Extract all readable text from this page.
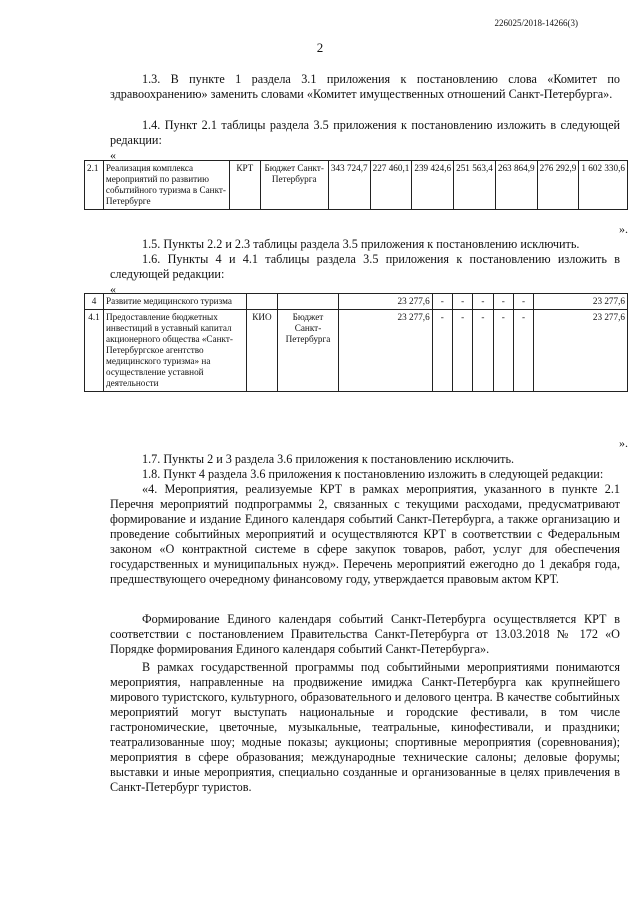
226025/2018-14266(3)
2
1.3. В пункте 1 раздела 3.1 приложения к постановлению слова «Комитет по здравоохранению» заменить словами «Комитет имущественных отношений Санкт-Петербурга».
1.4. Пункт 2.1 таблицы раздела 3.5 приложения к постановлению изложить в следующей редакции:
«
2.1	Реализация комплекса мероприятий по развитию событийного туризма в Санкт-Петербурге	КРТ	Бюджет Санкт-Петербурга	343 724,7	227 460,1	239 424,6	251 563,4	263 864,9	276 292,9	1 602 330,6
».
1.5. Пункты 2.2 и 2.3 таблицы раздела 3.5 приложения к постановлению исключить.
1.6. Пункты 4 и 4.1 таблицы раздела 3.5 приложения к постановлению изложить в следующей редакции:
«
4	Развитие медицинского туризма			23 277,6	-	-	-	-	-	23 277,6
4.1	Предоставление бюджетных инвестиций в уставный капитал акционерного общества «Санкт-Петербургское агентство медицинского туризма» на осуществление уставной деятельности	КИО	Бюджет Санкт-Петербурга	23 277,6	-	-	-	-	-	23 277,6
».
1.7. Пункты 2 и 3 раздела 3.6 приложения к постановлению исключить.
1.8. Пункт 4 раздела 3.6 приложения к постановлению изложить в следующей редакции:
«4. Мероприятия, реализуемые КРТ в рамках мероприятия, указанного в пункте 2.1 Перечня мероприятий подпрограммы 2, связанных с текущими расходами, предусматривают формирование и издание Единого календаря событий Санкт-Петербурга, а также организацию и проведение событийных мероприятий и осуществляются КРТ в соответствии с Федеральным законом «О контрактной системе в сфере закупок товаров, работ, услуг для обеспечения государственных и муниципальных нужд». Перечень мероприятий ежегодно до 1 декабря года, предшествующего очередному финансовому году, утверждается правовым актом КРТ.
Формирование Единого календаря событий Санкт-Петербурга осуществляется КРТ в соответствии с постановлением Правительства Санкт-Петербурга от 13.03.2018 № 172 «О Порядке формирования Единого календаря событий Санкт-Петербурга».
В рамках государственной программы под событийными мероприятиями понимаются мероприятия, направленные на продвижение имиджа Санкт-Петербурга как крупнейшего мирового туристского, культурного, образовательного и делового центра. В качестве событийных мероприятий могут выступать национальные и городские фестивали, в том числе гастрономические, цветочные, музыкальные, театральные, кинофестивали, и праздники; театрализованные шоу; модные показы; аукционы; спортивные мероприятия (соревнования); мероприятия в сфере образования; международные технические салоны; деловые форумы; выставки и иные мероприятия, специально созданные и организованные в целях привлечения в Санкт-Петербург туристов.
